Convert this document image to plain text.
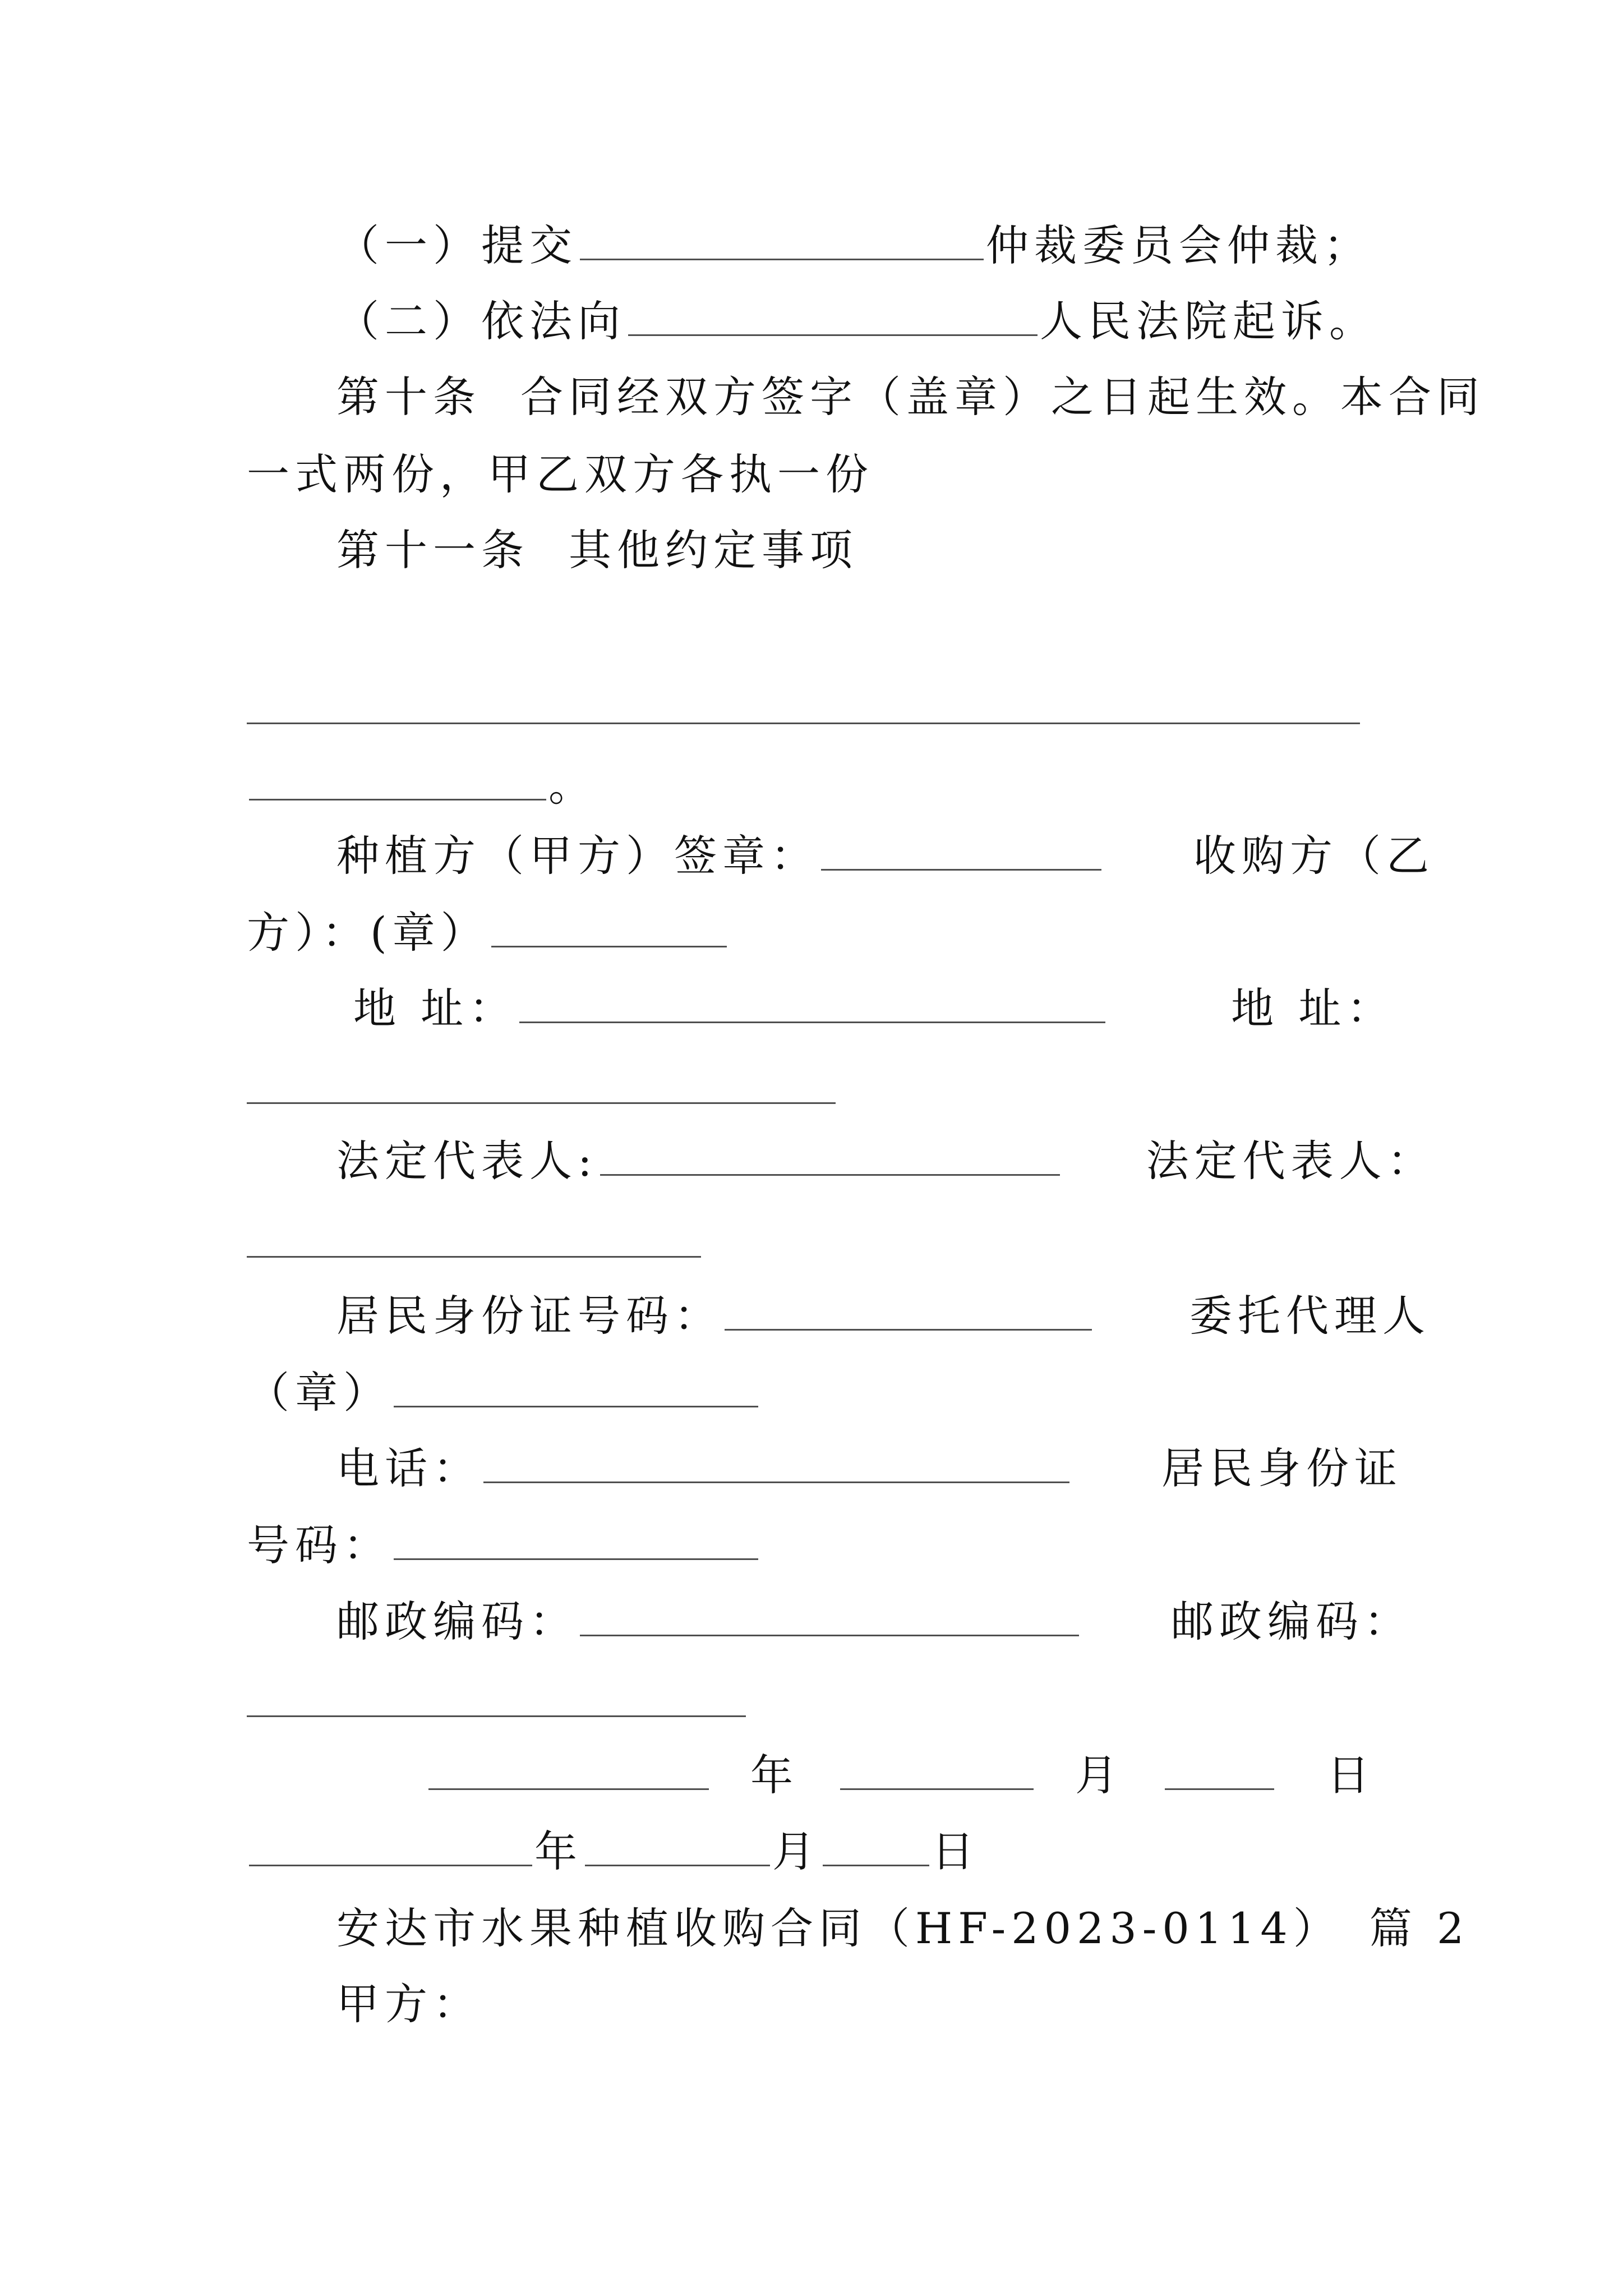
（一）提交	仲裁委员会仲裁；
（二）依法向	人民法院起诉。
第十条 合同经双方签字（盖章）之日起生效。本合同
一式两份，甲乙双方各执一份
第十一条 其他约定事项
。
种植方（甲方）签章：	收购方（乙
方）：(章）
地 址：	地 址：
法定代表人:	法定代表人：
居民身份证号码：	委托代理人
（章）
电话：	居民身份证
号码：
邮政编码：	邮政编码：
年	月	日
年	月	日
安达市水果种植收购合同（HF-2023-0114） 篇 2
甲方：
